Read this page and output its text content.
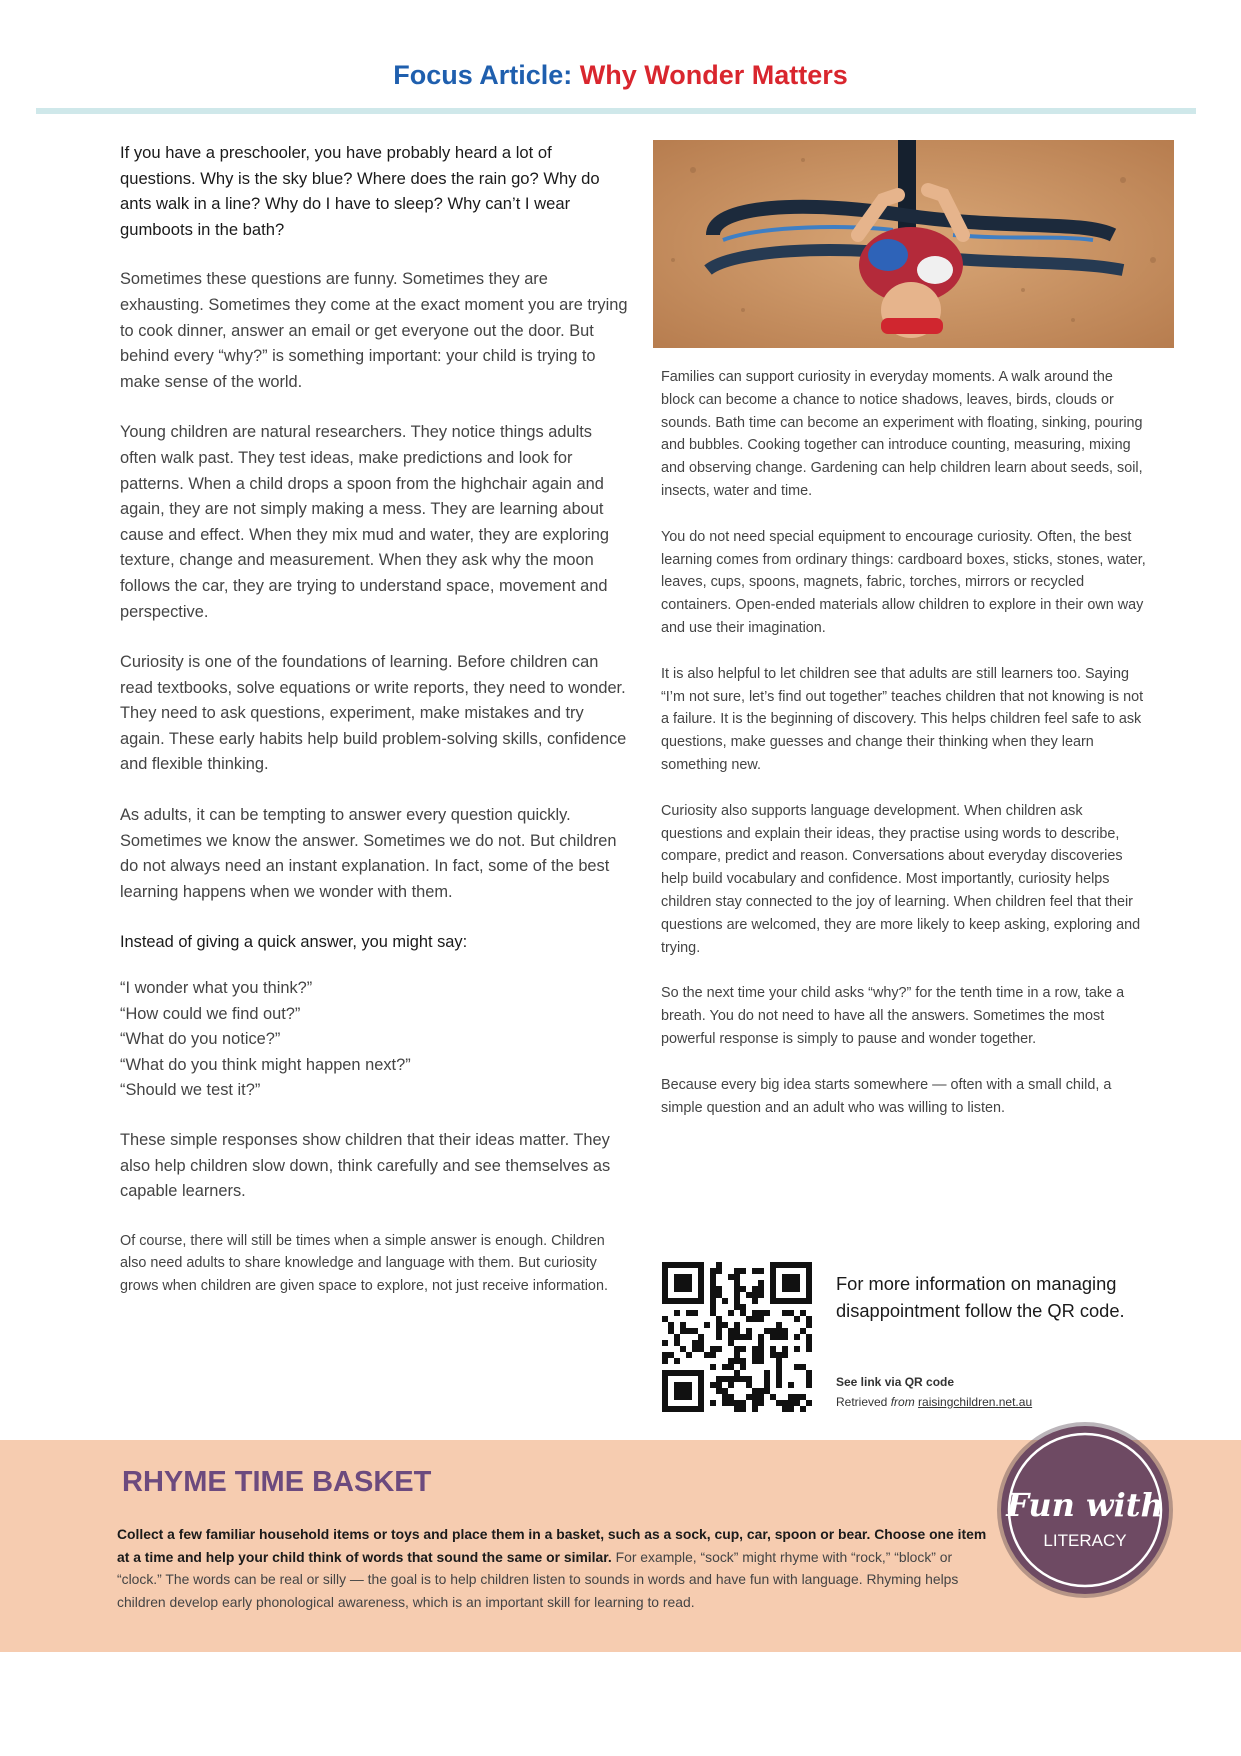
Focus Article: Why Wonder Matters

If you have a preschooler, you have probably heard a lot of questions. Why is the sky blue? Where does the rain go? Why do ants walk in a line? Why do I have to sleep? Why can’t I wear gumboots in the bath?

Sometimes these questions are funny. Sometimes they are exhausting. Sometimes they come at the exact moment you are trying to cook dinner, answer an email or get everyone out the door. But behind every “why?” is something important: your child is trying to make sense of the world.

Young children are natural researchers. They notice things adults often walk past. They test ideas, make predictions and look for patterns. When a child drops a spoon from the highchair again and again, they are not simply making a mess. They are learning about cause and effect. When they mix mud and water, they are exploring texture, change and measurement. When they ask why the moon follows the car, they are trying to understand space, movement and perspective.

Curiosity is one of the foundations of learning. Before children can read textbooks, solve equations or write reports, they need to wonder. They need to ask questions, experiment, make mistakes and try again. These early habits help build problem-solving skills, confidence and flexible thinking.

As adults, it can be tempting to answer every question quickly. Sometimes we know the answer. Sometimes we do not. But children do not always need an instant explanation. In fact, some of the best learning happens when we wonder with them.

Instead of giving a quick answer, you might say:

“I wonder what you think?”
“How could we find out?”
“What do you notice?”
“What do you think might happen next?”
“Should we test it?”

These simple responses show children that their ideas matter. They also help children slow down, think carefully and see themselves as capable learners.

Of course, there will still be times when a simple answer is enough. Children also need adults to share knowledge and language with them. But curiosity grows when children are given space to explore, not just receive information.

Families can support curiosity in everyday moments. A walk around the block can become a chance to notice shadows, leaves, birds, clouds or sounds. Bath time can become an experiment with floating, sinking, pouring and bubbles. Cooking together can introduce counting, measuring, mixing and observing change. Gardening can help children learn about seeds, soil, insects, water and time.

You do not need special equipment to encourage curiosity. Often, the best learning comes from ordinary things: cardboard boxes, sticks, stones, water, leaves, cups, spoons, magnets, fabric, torches, mirrors or recycled containers. Open-ended materials allow children to explore in their own way and use their imagination.

It is also helpful to let children see that adults are still learners too. Saying “I’m not sure, let’s find out together” teaches children that not knowing is not a failure. It is the beginning of discovery. This helps children feel safe to ask questions, make guesses and change their thinking when they learn something new.

Curiosity also supports language development. When children ask questions and explain their ideas, they practise using words to describe, compare, predict and reason. Conversations about everyday discoveries help build vocabulary and confidence. Most importantly, curiosity helps children stay connected to the joy of learning. When children feel that their questions are welcomed, they are more likely to keep asking, exploring and trying.

So the next time your child asks “why?” for the tenth time in a row, take a breath. You do not need to have all the answers. Sometimes the most powerful response is simply to pause and wonder together.

Because every big idea starts somewhere — often with a small child, a simple question and an adult who was willing to listen.

For more information on managing disappointment follow the QR code.
See link via QR code
Retrieved from raisingchildren.net.au
RHYME TIME BASKET
Collect a few familiar household items or toys and place them in a basket, such as a sock, cup, car, spoon or bear. Choose one item at a time and help your child think of words that sound the same or similar. For example, “sock” might rhyme with “rock,” “block” or “clock.” The words can be real or silly — the goal is to help children listen to sounds in words and have fun with language. Rhyming helps children develop early phonological awareness, which is an important skill for learning to read.
Fun with
LITERACY
